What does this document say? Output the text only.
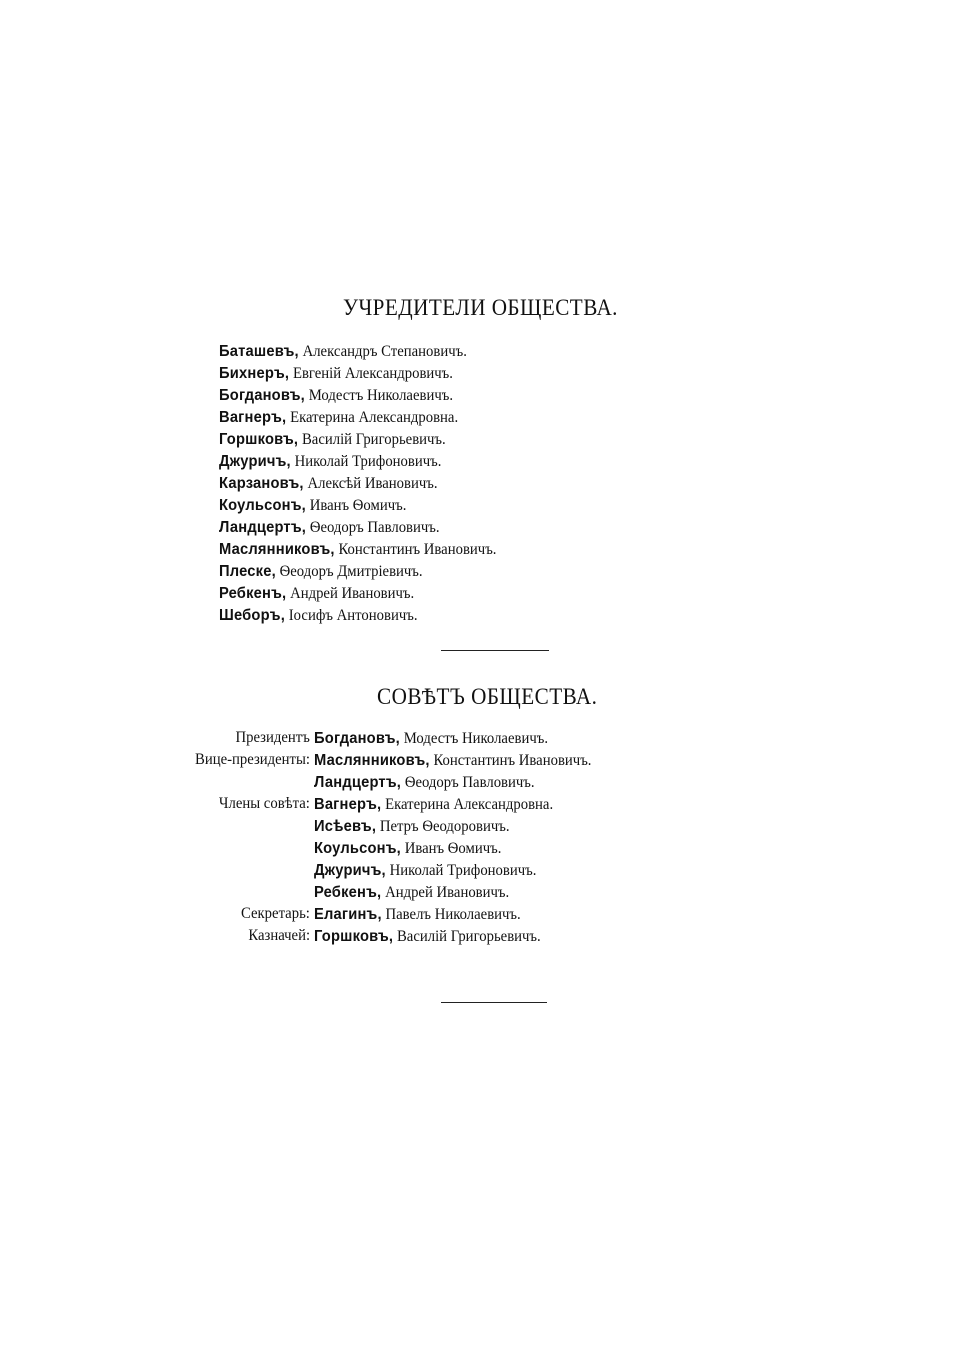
УЧРЕДИТЕЛИ ОБЩЕСТВА.
Баташевъ, Александръ Степановичъ.
Бихнеръ, Евгеній Александровичъ.
Богдановъ, Модестъ Николаевичъ.
Вагнеръ, Екатерина Александровна.
Горшковъ, Василій Григорьевичъ.
Джуричъ, Николай Трифоновичъ.
Карзановъ, Алексѣй Ивановичъ.
Коульсонъ, Иванъ Ѳомичъ.
Ландцертъ, Ѳеодоръ Павловичъ.
Маслянниковъ, Константинъ Ивановичъ.
Плеске, Ѳеодоръ Дмитріевичъ.
Ребкенъ, Андрей Ивановичъ.
Шеборъ, Іосифъ Антоновичъ.
СОВѢТЪ ОБЩЕСТВА.
Президентъ Богдановъ, Модестъ Николаевичъ.
Вице-президенты: Маслянниковъ, Константинъ Ивановичъ.
Ландцертъ, Ѳеодоръ Павловичъ.
Члены совѣта: Вагнеръ, Екатерина Александровна.
Исѣевъ, Петръ Ѳеодоровичъ.
Коульсонъ, Иванъ Ѳомичъ.
Джуричъ, Николай Трифоновичъ.
Ребкенъ, Андрей Ивановичъ.
Секретарь: Елагинъ, Павелъ Николаевичъ.
Казначей: Горшковъ, Василій Григорьевичъ.
